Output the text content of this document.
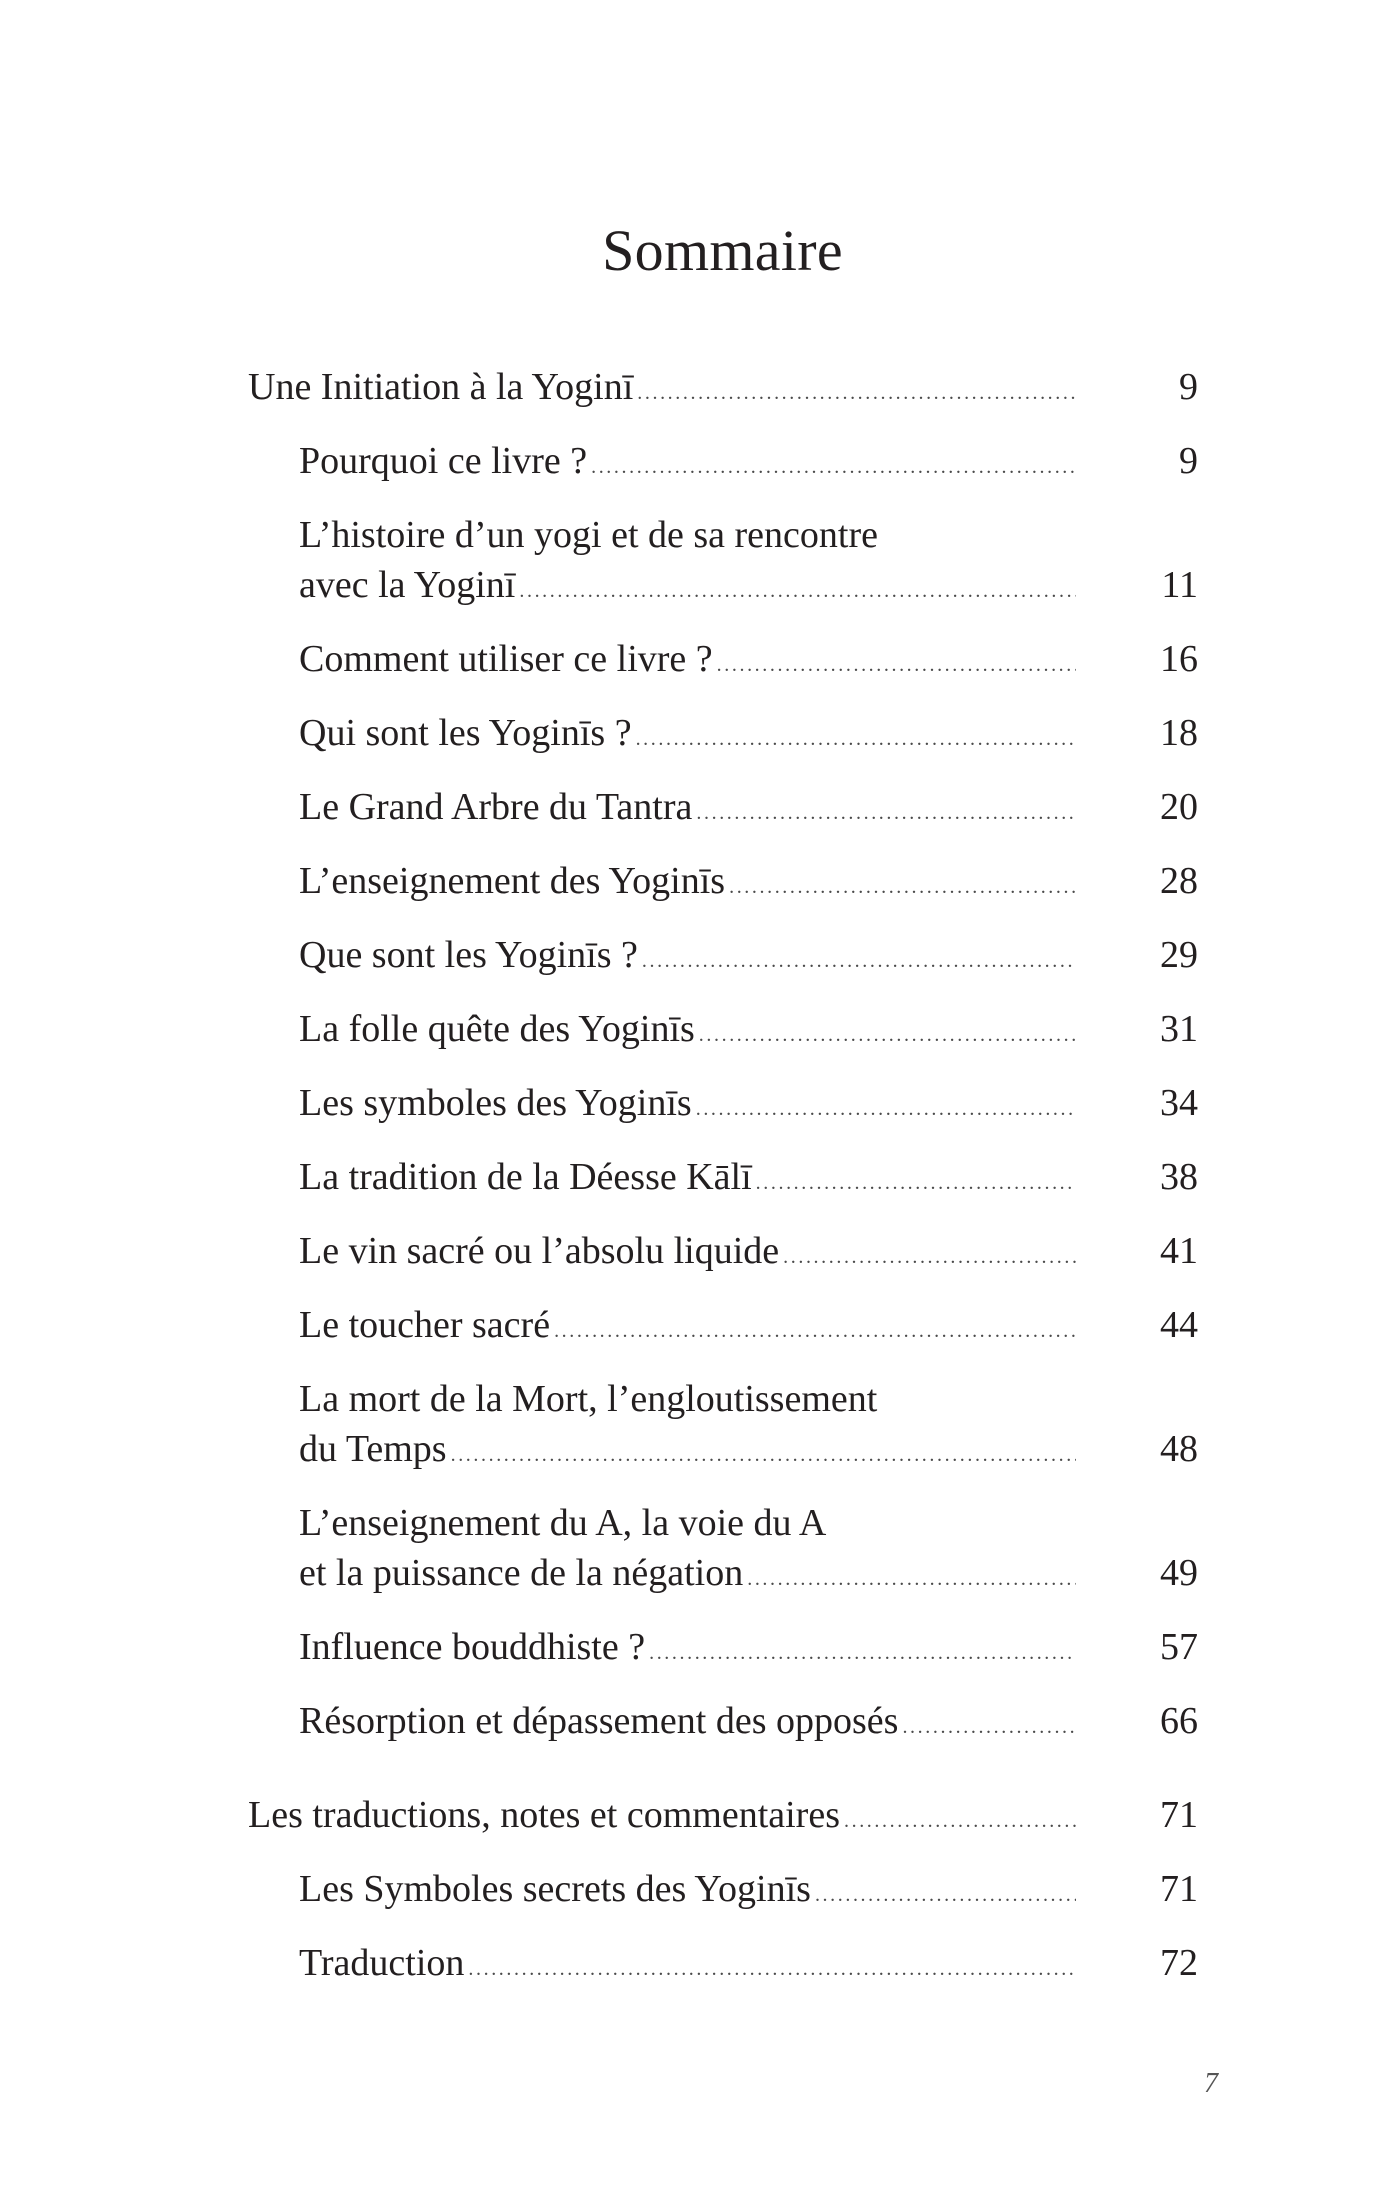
Sommaire
Une Initiation à la Yoginī . . .	9
Pourquoi ce livre ? . . .	9
L’histoire d’un yogi et de sa rencontre
avec la Yoginī . . .	11
Comment utiliser ce livre ? . . .	16
Qui sont les Yoginīs ? . . .	18
Le Grand Arbre du Tantra . . .	20
L’enseignement des Yoginīs . . .	28
Que sont les Yoginīs ? . . .	29
La folle quête des Yoginīs . . .	31
Les symboles des Yoginīs . . .	34
La tradition de la Déesse Kālī . . .	38
Le vin sacré ou l’absolu liquide . . .	41
Le toucher sacré . . .	44
La mort de la Mort, l’engloutissement
du Temps . . .	48
L’enseignement du A, la voie du A
et la puissance de la négation . . .	49
Influence bouddhiste ? . . .	57
Résorption et dépassement des opposés . . .	66
Les traductions, notes et commentaires . . .	71
Les Symboles secrets des Yoginīs . . .	71
Traduction . . .	72
7
